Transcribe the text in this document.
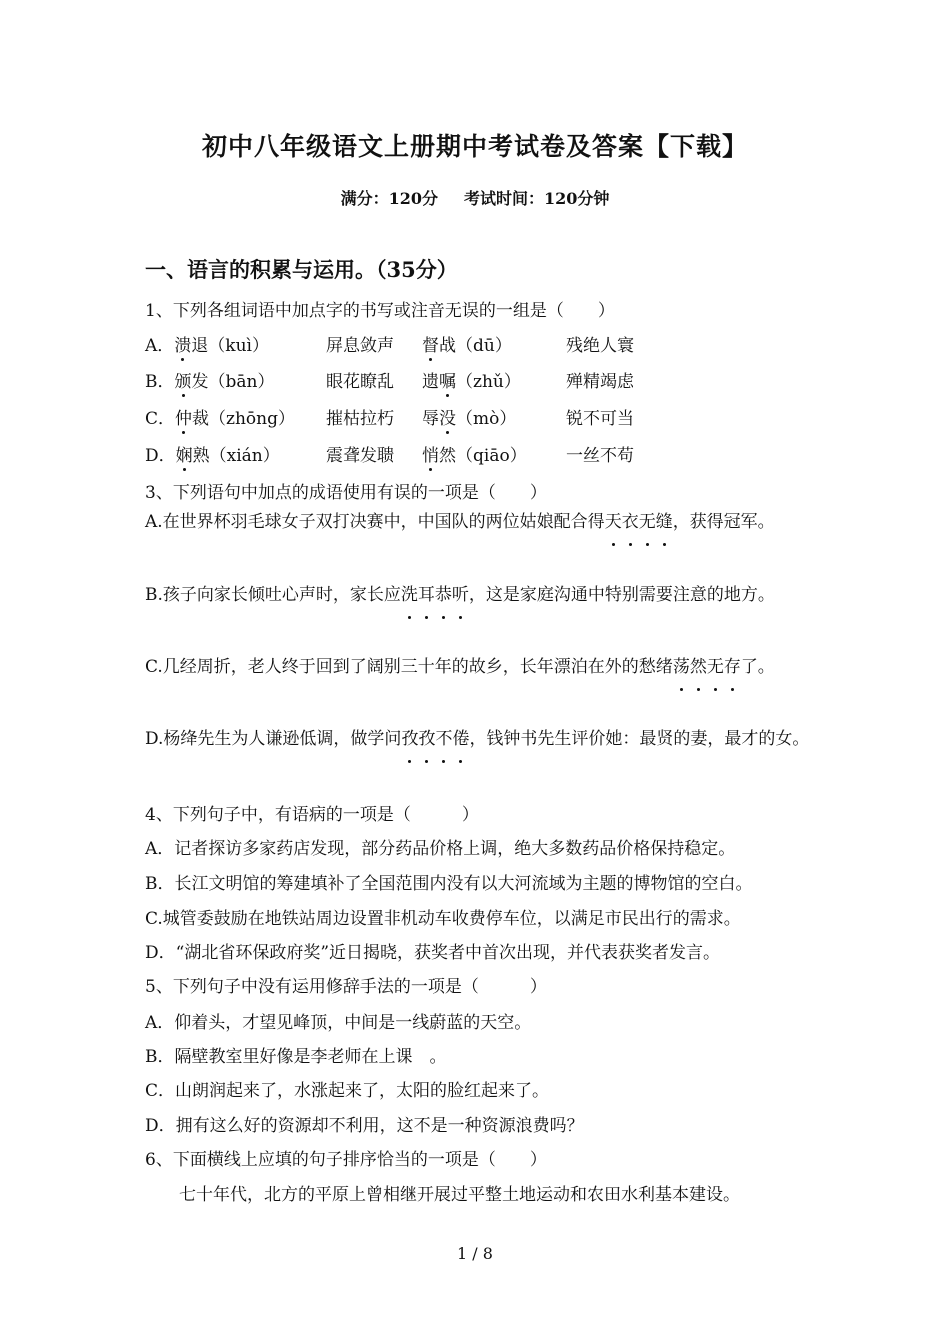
初中八年级语文上册期中考试卷及答案【下载】
满分：120分 考试时间：120分钟
一、语言的积累与运用。（35分）
1、下列各组词语中加点字的书写或注音无误的一组是（　　）
A．溃退（kuì）	屏息敛声 督战（dū）	残绝人寰
B．颁发（bān）	眼花瞭乱 遗嘱（zhǔ）	殚精竭虑
C．仲裁（zhōng） 摧枯拉朽 辱没（mò）	锐不可当
D．娴熟（xián）	震聋发聩 悄然（qiāo） 一丝不苟
3、下列语句中加点的成语使用有误的一项是（　　）
A.在世界杯羽毛球女子双打决赛中，中国队的两位姑娘配合得天衣无缝，获得冠军。
B.孩子向家长倾吐心声时，家长应洗耳恭听，这是家庭沟通中特别需要注意的地方。
C.几经周折，老人终于回到了阔别三十年的故乡，长年漂泊在外的愁绪荡然无存了。
D.杨绛先生为人谦逊低调，做学问孜孜不倦，钱钟书先生评价她：最贤的妻，最才的女。
4、下列句子中，有语病的一项是（　　　）
A．记者探访多家药店发现，部分药品价格上调，绝大多数药品价格保持稳定。
B．长江文明馆的筹建填补了全国范围内没有以大河流域为主题的博物馆的空白。
C.城管委鼓励在地铁站周边设置非机动车收费停车位，以满足市民出行的需求。
D．“湖北省环保政府奖”近日揭晓，获奖者中首次出现，并代表获奖者发言。
5、下列句子中没有运用修辞手法的一项是（　　　）
A．仰着头，才望见峰顶，中间是一线蔚蓝的天空。
B．隔壁教室里好像是李老师在上课　。
C．山朗润起来了，水涨起来了，太阳的脸红起来了。
D．拥有这么好的资源却不利用，这不是一种资源浪费吗？
6、下面横线上应填的句子排序恰当的一项是（　　）
七十年代，北方的平原上曾相继开展过平整土地运动和农田水利基本建设。
1 / 8
